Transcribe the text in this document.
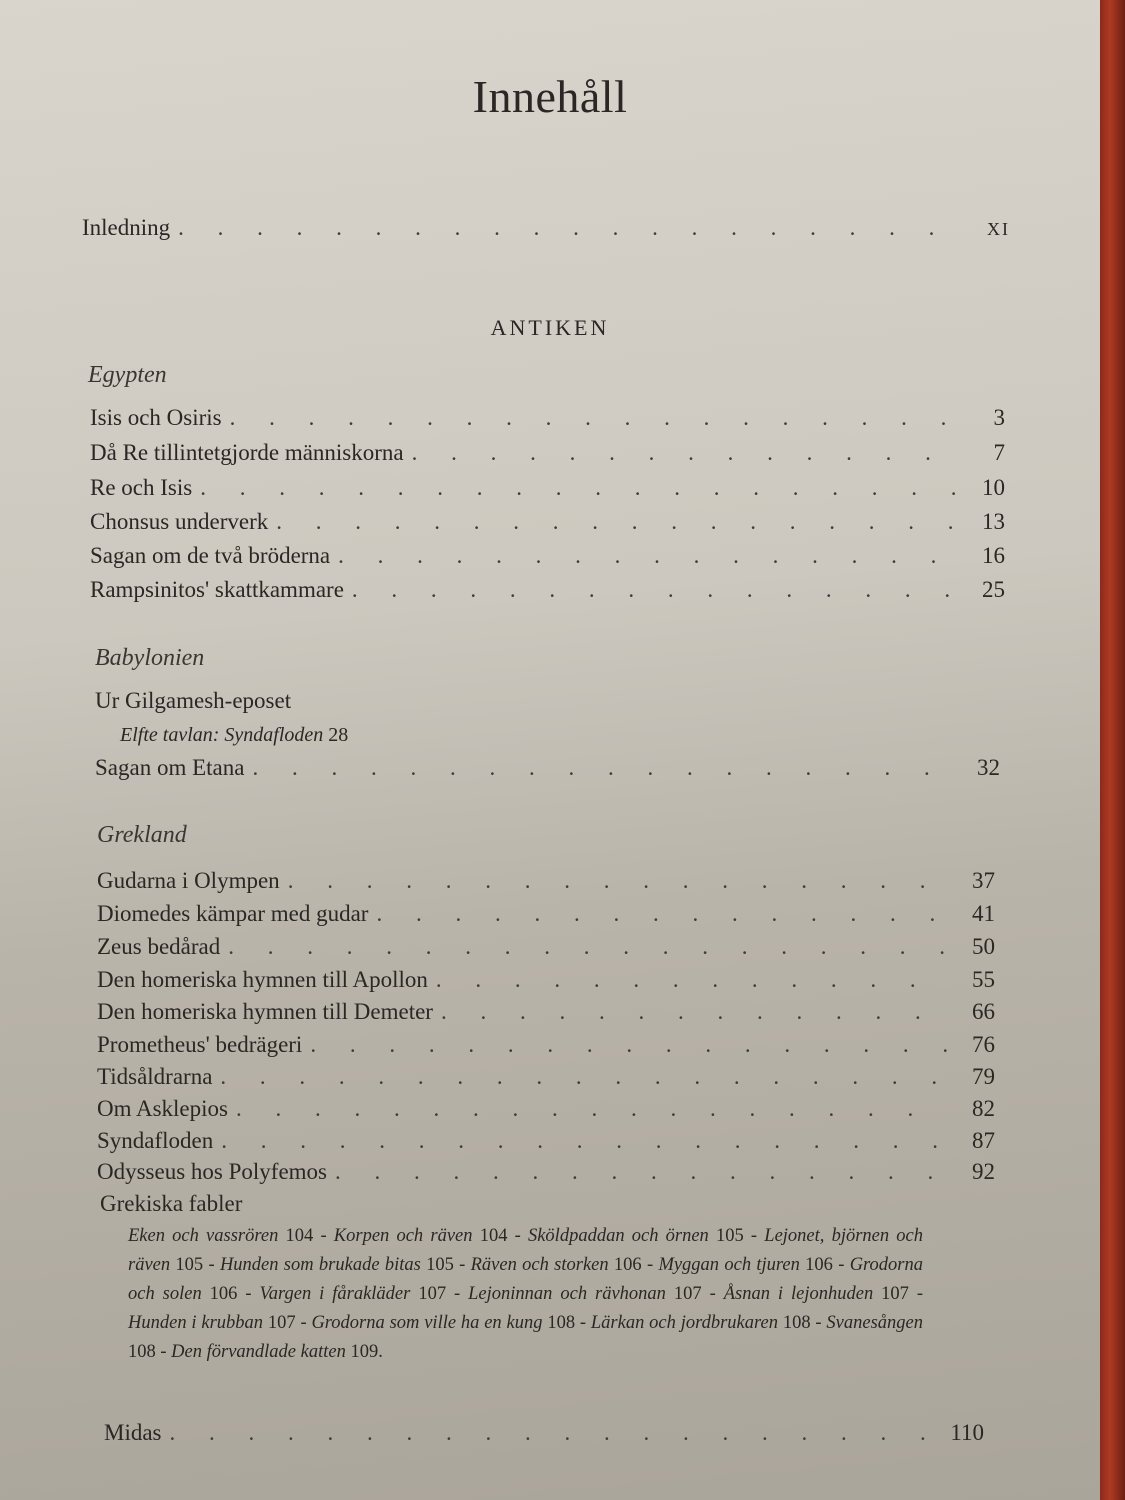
Innehåll
Inledning . . .	XI
ANTIKEN
Egypten
Isis och Osiris . . .	3
Då Re tillintetgjorde människorna . . .	7
Re och Isis . . .	10
Chonsus underverk . . .	13
Sagan om de två bröderna . . .	16
Rampsinitos' skattkammare . . .	25
Babylonien
Ur Gilgamesh-eposet
Elfte tavlan: Syndafloden 28
Sagan om Etana . . .	32
Grekland
Gudarna i Olympen . . .	37
Diomedes kämpar med gudar . . .	41
Zeus bedårad . . .	50
Den homeriska hymnen till Apollon . . .	55
Den homeriska hymnen till Demeter . . .	66
Prometheus' bedrägeri . . .	76
Tidsåldrarna . . .	79
Om Asklepios . . .	82
Syndafloden . . .	87
Odysseus hos Polyfemos . . .	92
Grekiska fabler
Eken och vassrören 104 - Korpen och räven 104 - Sköldpaddan och örnen 105 - Lejonet, björnen och räven 105 - Hunden som brukade bitas 105 - Räven och storken 106 - Myggan och tjuren 106 - Grodorna och solen 106 - Vargen i fårakläder 107 - Lejoninnan och rävhonan 107 - Åsnan i lejonhuden 107 - Hunden i krubban 107 - Grodorna som ville ha en kung 108 - Lärkan och jordbrukaren 108 - Svanesången 108 - Den förvandlade katten 109.
Midas . . .	110
